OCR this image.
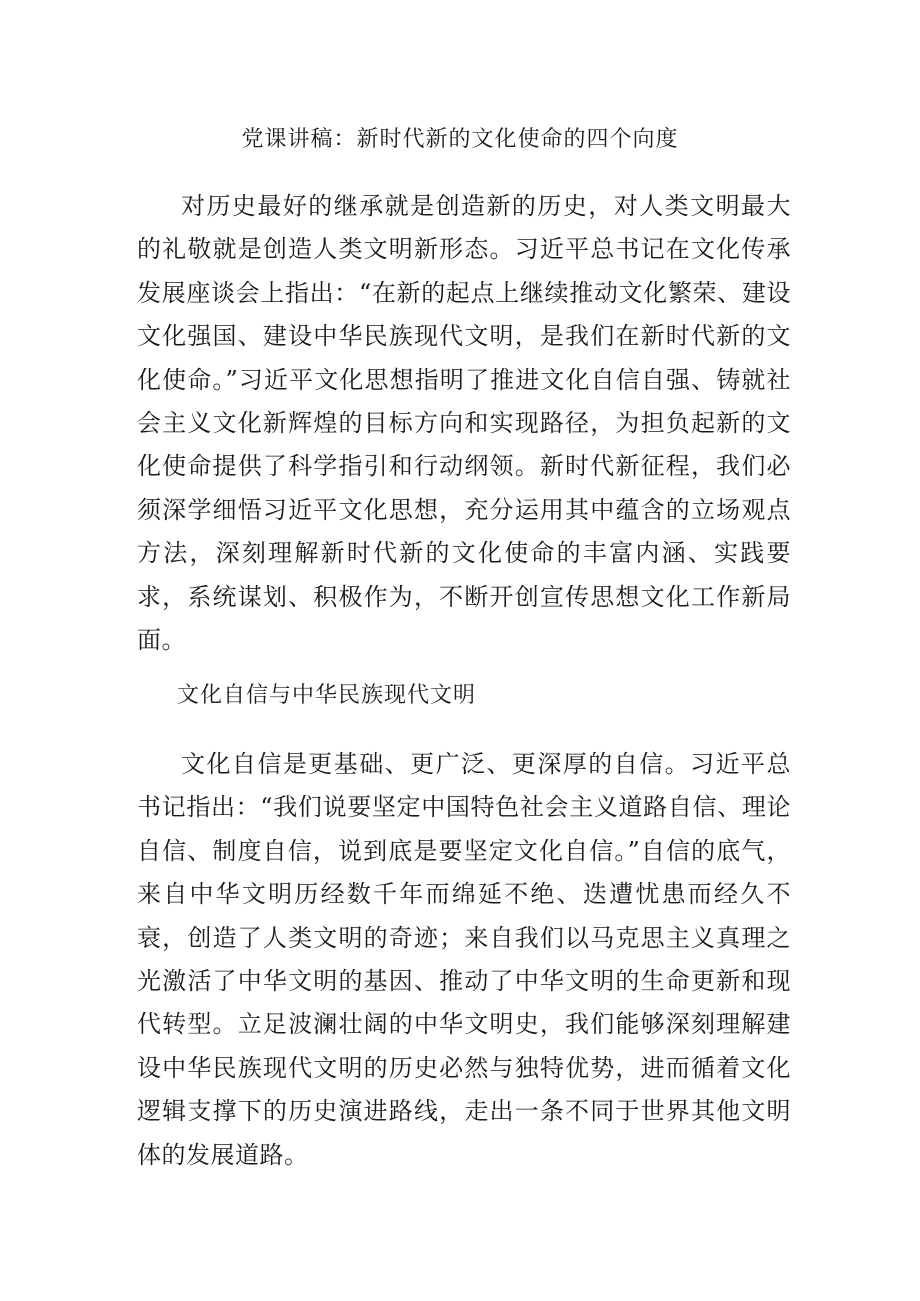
党课讲稿：新时代新的文化使命的四个向度

对历史最好的继承就是创造新的历史，对人类文明最大的礼敬就是创造人类文明新形态。习近平总书记在文化传承发展座谈会上指出：“在新的起点上继续推动文化繁荣、建设文化强国、建设中华民族现代文明，是我们在新时代新的文化使命。”习近平文化思想指明了推进文化自信自强、铸就社会主义文化新辉煌的目标方向和实现路径，为担负起新的文化使命提供了科学指引和行动纲领。新时代新征程，我们必须深学细悟习近平文化思想，充分运用其中蕴含的立场观点方法，深刻理解新时代新的文化使命的丰富内涵、实践要求，系统谋划、积极作为，不断开创宣传思想文化工作新局面。

文化自信与中华民族现代文明

文化自信是更基础、更广泛、更深厚的自信。习近平总书记指出：“我们说要坚定中国特色社会主义道路自信、理论自信、制度自信，说到底是要坚定文化自信。”自信的底气，来自中华文明历经数千年而绵延不绝、迭遭忧患而经久不衰，创造了人类文明的奇迹；来自我们以马克思主义真理之光激活了中华文明的基因、推动了中华文明的生命更新和现代转型。立足波澜壮阔的中华文明史，我们能够深刻理解建设中华民族现代文明的历史必然与独特优势，进而循着文化逻辑支撑下的历史演进路线，走出一条不同于世界其他文明体的发展道路。
